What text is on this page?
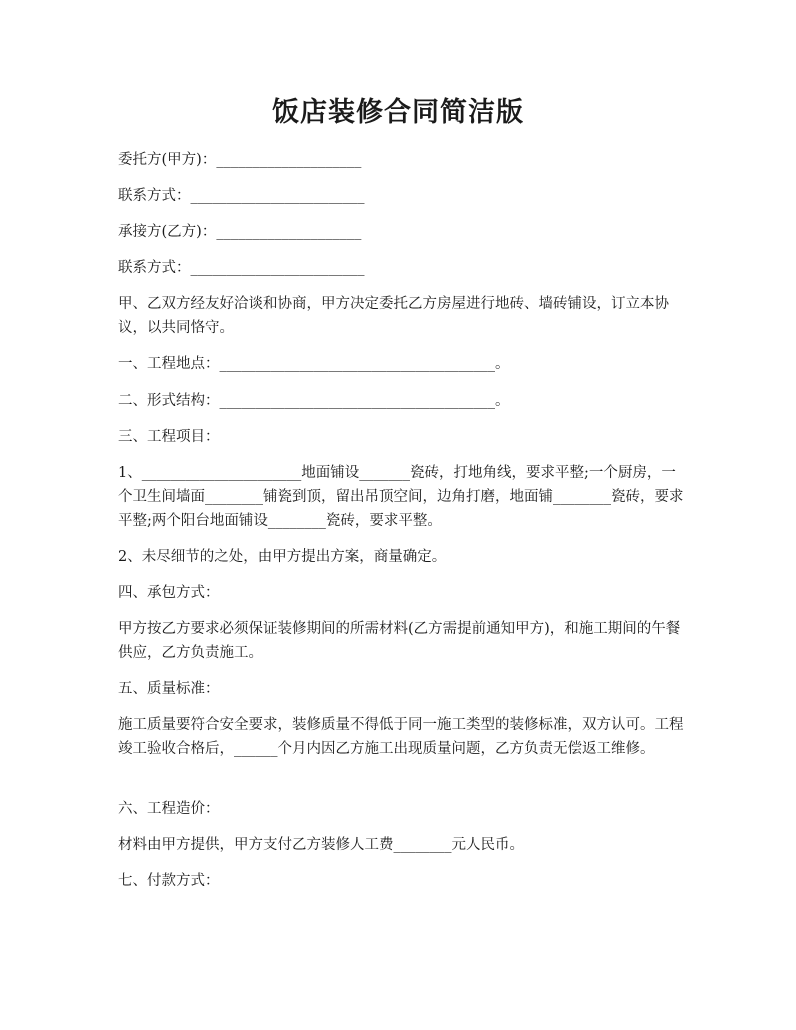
饭店装修合同简洁版

委托方(甲方)：____________________

联系方式：________________________

承接方(乙方)：____________________

联系方式：________________________

甲、乙双方经友好洽谈和协商，甲方决定委托乙方房屋进行地砖、墙砖铺设，订立本协议，以共同恪守。

一、工程地点：______________________________________。

二、形式结构：______________________________________。

三、工程项目：

1、______________________地面铺设_______瓷砖，打地角线，要求平整;一个厨房，一个卫生间墙面________铺瓷到顶，留出吊顶空间，边角打磨，地面铺________瓷砖，要求平整;两个阳台地面铺设________瓷砖，要求平整。

2、未尽细节的之处，由甲方提出方案，商量确定。

四、承包方式：

甲方按乙方要求必须保证装修期间的所需材料(乙方需提前通知甲方)，和施工期间的午餐供应，乙方负责施工。

五、质量标准：

施工质量要符合安全要求，装修质量不得低于同一施工类型的装修标准，双方认可。工程竣工验收合格后，______个月内因乙方施工出现质量问题，乙方负责无偿返工维修。

六、工程造价：

材料由甲方提供，甲方支付乙方装修人工费________元人民币。

七、付款方式：
